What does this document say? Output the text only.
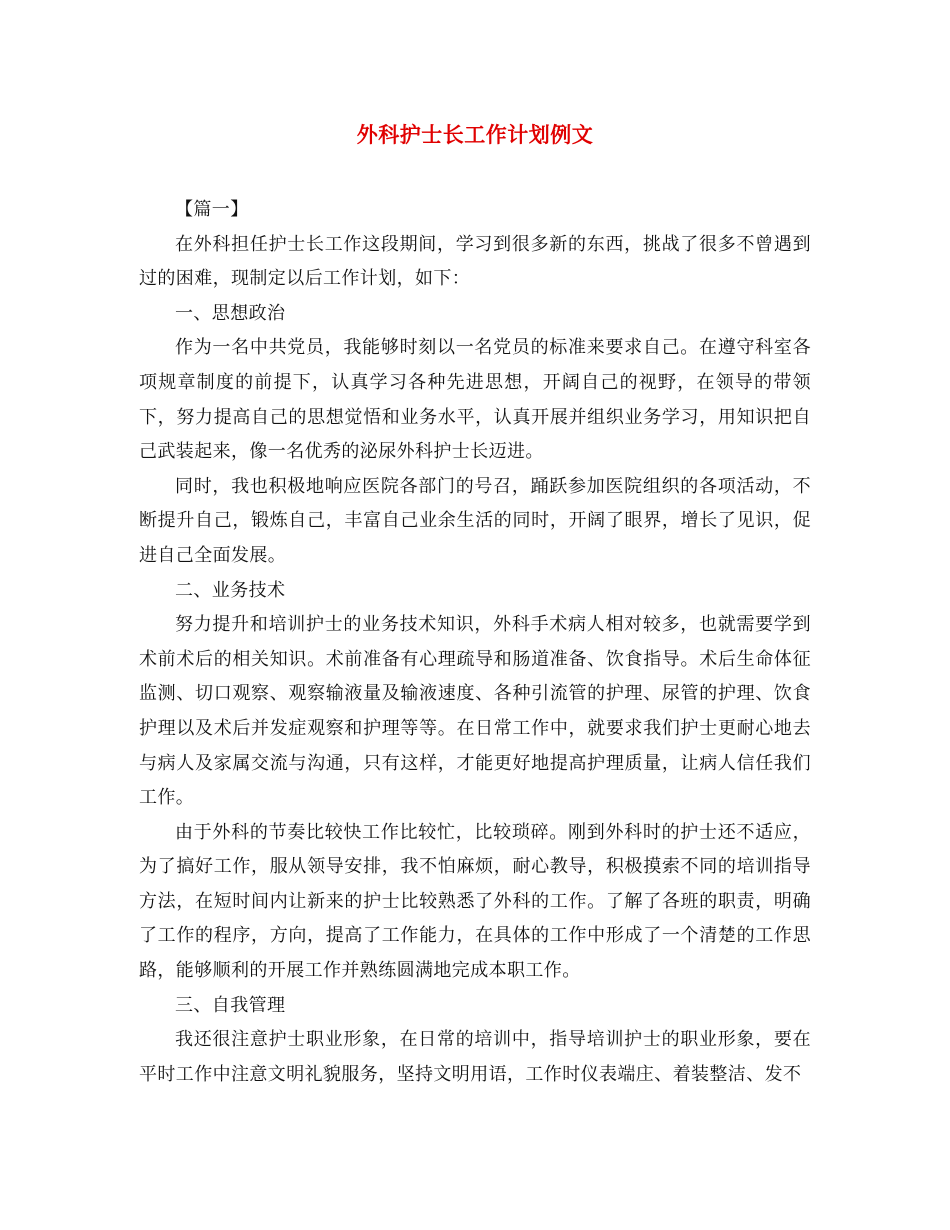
外科护士长工作计划例文

【篇一】

在外科担任护士长工作这段期间，学习到很多新的东西，挑战了很多不曾遇到过的困难，现制定以后工作计划，如下：

一、思想政治

作为一名中共党员，我能够时刻以一名党员的标准来要求自己。在遵守科室各项规章制度的前提下，认真学习各种先进思想，开阔自己的视野，在领导的带领下，努力提高自己的思想觉悟和业务水平，认真开展并组织业务学习，用知识把自己武装起来，像一名优秀的泌尿外科护士长迈进。

同时，我也积极地响应医院各部门的号召，踊跃参加医院组织的各项活动，不断提升自己，锻炼自己，丰富自己业余生活的同时，开阔了眼界，增长了见识，促进自己全面发展。

二、业务技术

努力提升和培训护士的业务技术知识，外科手术病人相对较多，也就需要学到术前术后的相关知识。术前准备有心理疏导和肠道准备、饮食指导。术后生命体征监测、切口观察、观察输液量及输液速度、各种引流管的护理、尿管的护理、饮食护理以及术后并发症观察和护理等等。在日常工作中，就要求我们护士更耐心地去与病人及家属交流与沟通，只有这样，才能更好地提高护理质量，让病人信任我们工作。

由于外科的节奏比较快工作比较忙，比较琐碎。刚到外科时的护士还不适应，为了搞好工作，服从领导安排，我不怕麻烦，耐心教导，积极摸索不同的培训指导方法，在短时间内让新来的护士比较熟悉了外科的工作。了解了各班的职责，明确了工作的程序，方向，提高了工作能力，在具体的工作中形成了一个清楚的工作思路，能够顺利的开展工作并熟练圆满地完成本职工作。

三、自我管理

我还很注意护士职业形象，在日常的培训中，指导培训护士的职业形象，要在平时工作中注意文明礼貌服务，坚持文明用语，工作时仪表端庄、着装整洁、发不
